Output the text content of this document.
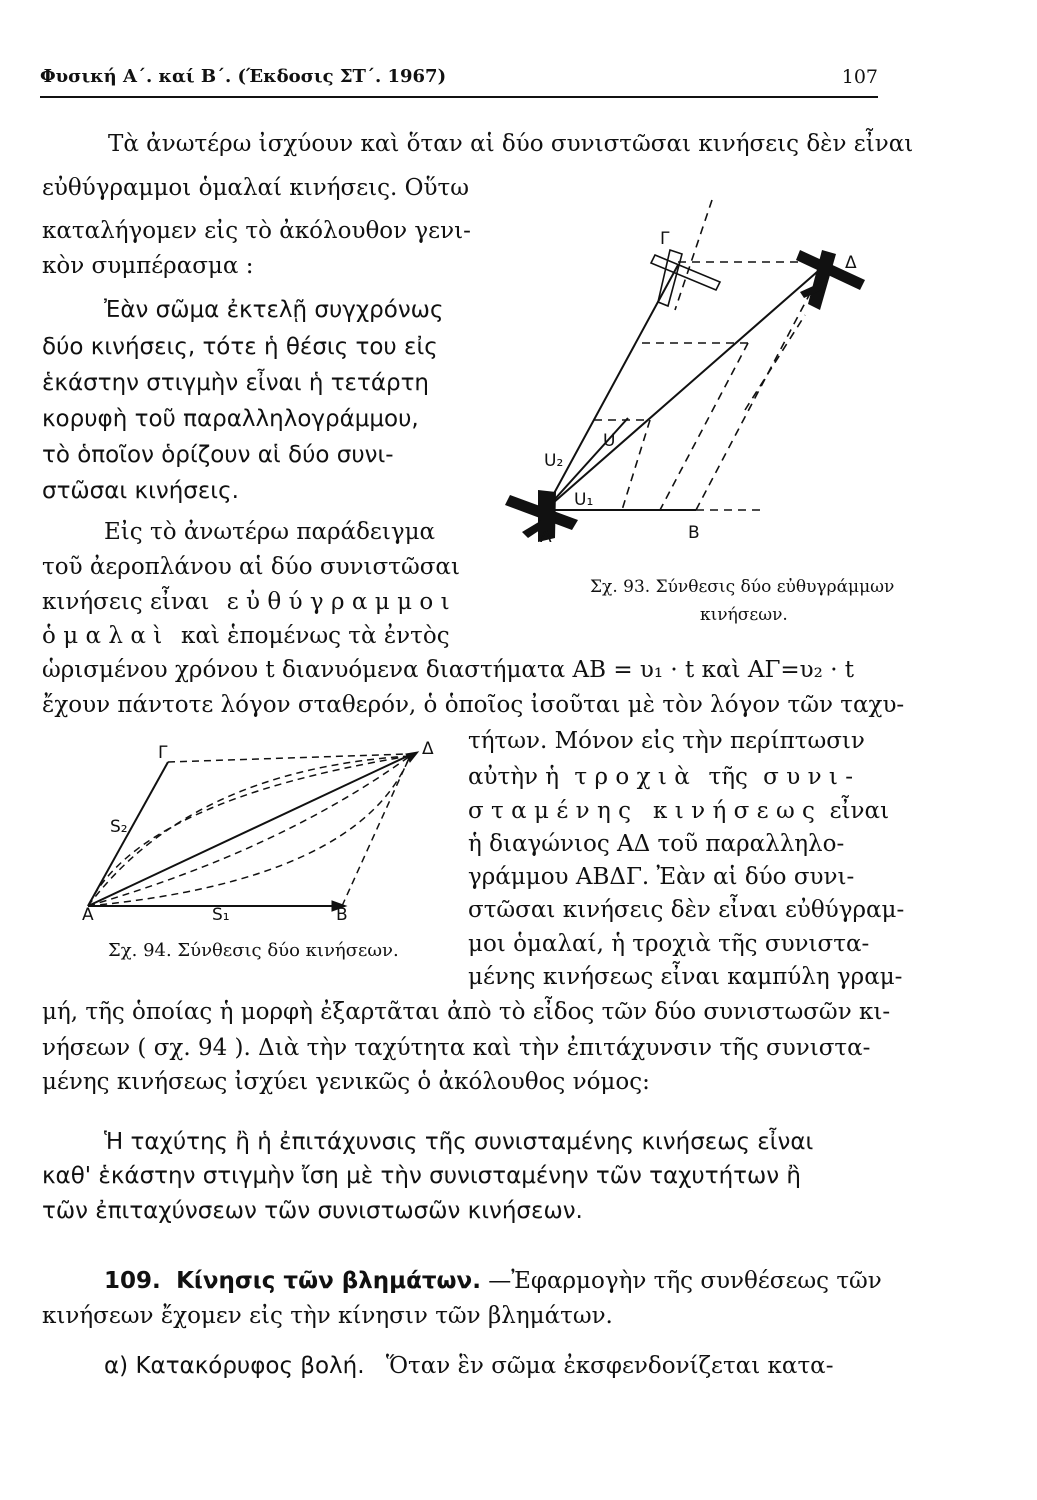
Φυσική Α΄. καί Β΄. (Έκδοσις ΣΤ΄. 1967)	107
Τὰ ἀνωτέρω ἰσχύουν καὶ ὅταν αἱ δύο συνιστῶσαι κινήσεις δὲν εἶναι
εὐθύγραμμοι ὁμαλαί κινήσεις. Οὕτω
καταλήγομεν εἰς τὸ ἀκόλουθον γενι-
κὸν συμπέρασμα :
Ἐὰν σῶμα ἐκτελῇ συγχρόνως
δύο κινήσεις, τότε ἡ θέσις του εἰς
ἑκάστην στιγμὴν εἶναι ἡ τετάρτη
κορυφὴ τοῦ παραλληλογράμμου,
τὸ ὁποῖον ὁρίζουν αἱ δύο συνι-
στῶσαι κινήσεις.
Εἰς τὸ ἀνωτέρω παράδειγμα
τοῦ ἀεροπλάνου αἱ δύο συνιστῶσαι
κινήσεις εἶναι εὐθύγραμμοι
ὁμαλαὶ καὶ ἑπομένως τὰ ἐντὸς
ὡρισμένου χρόνου t διανυόμενα διαστήματα ΑΒ = υ₁ · t καὶ ΑΓ=υ₂ · t
ἔχουν πάντοτε λόγον σταθερόν, ὁ ὁποῖος ἰσοῦται μὲ τὸν λόγον τῶν ταχυ-
τήτων. Μόνον εἰς τὴν περίπτωσιν
αὐτὴν ἡ τροχιὰ τῆς συνι-
σταμένης κινήσεως εἶναι
ἡ διαγώνιος ΑΔ τοῦ παραλληλο-
γράμμου ΑΒΔΓ. Ἐὰν αἱ δύο συνι-
στῶσαι κινήσεις δὲν εἶναι εὐθύγραμ-
μοι ὁμαλαί, ἡ τροχιὰ τῆς συνιστα-
μένης κινήσεως εἶναι καμπύλη γραμ-
μή, τῆς ὁποίας ἡ μορφὴ ἐξαρτᾶται ἀπὸ τὸ εἶδος τῶν δύο συνιστωσῶν κι-
νήσεων ( σχ. 94 ). Διὰ τὴν ταχύτητα καὶ τὴν ἐπιτάχυνσιν τῆς συνιστα-
μένης κινήσεως ἰσχύει γενικῶς ὁ ἀκόλουθος νόμος:
Ἡ ταχύτης ἢ ἡ ἐπιτάχυνσις τῆς συνισταμένης κινήσεως εἶναι
καθ' ἑκάστην στιγμὴν ἴση μὲ τὴν συνισταμένην τῶν ταχυτήτων ἢ
τῶν ἐπιταχύνσεων τῶν συνιστωσῶν κινήσεων.
109. Κίνησις τῶν βλημάτων. —Ἐφαρμογὴν τῆς συνθέσεως τῶν
κινήσεων ἔχομεν εἰς τὴν κίνησιν τῶν βλημάτων.
α) Κατακόρυφος βολή. Ὅταν ἓν σῶμα ἐκσφενδονίζεται κατα-
Γ
Δ
Α	Β
U
U₁
U₂
Σχ. 93. Σύνθεσις δύο εὐθυγράμμων
κινήσεων.
Γ	Δ
Α	Β
S₁
S₂
Σχ. 94. Σύνθεσις δύο κινήσεων.
